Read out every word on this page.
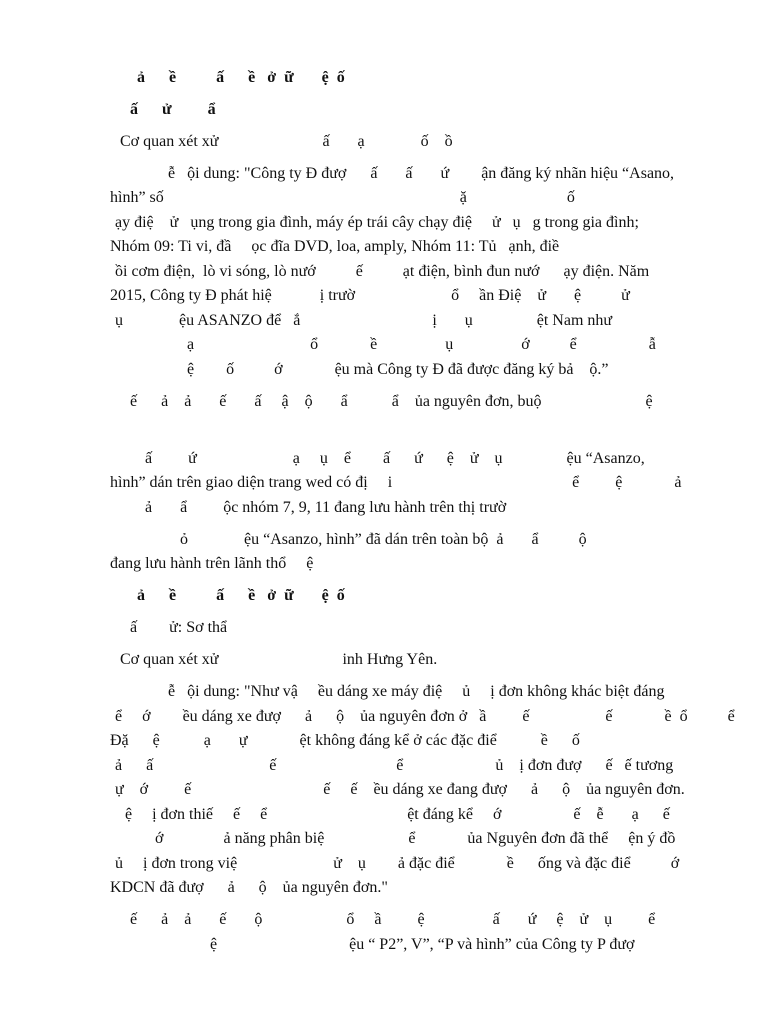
ả      ề          ấ      ề   ở  ữ       ệ  ố
ấ      ử         ẩ
Cơ quan xét xử                          ấ       ạ              ố    ồ
ễ   ội dung: "Công ty Đ đượ      ấ       ấ       ứ        ận đăng ký nhãn hiệu “Asano,
hình” số                                                                          ặ                         ố
ạy điệ    ử   ụng trong gia đình, máy ép trái cây chạy điệ     ử   ụ   g trong gia đình;
Nhóm 09: Ti vi, đầ     ọc đĩa DVD, loa, amply, Nhóm 11: Tủ   ạnh, điề
ồi cơm điện,  lò vi sóng, lò nướ          ế          ạt điện, bình đun nướ      ạy điện. Năm
2015, Công ty Đ phát hiệ            ị trườ                        ổ     ần Điệ    ử       ệ          ử
ụ              ệu ASANZO để   ắ                                 ị       ụ                ệt Nam như
ạ                             ổ             ề                 ụ                 ớ          ể                  ẫ
ệ        ố          ớ             ệu mà Công ty Đ đã được đăng ký bả    ộ.”
ế      ả    ả       ế       ấ     ậ    ộ       ẩ           ẩ    ủa nguyên đơn, buộ                          ệ
ấ         ứ                        ạ     ụ    ể        ấ      ứ      ệ    ử    ụ                ệu “Asanzo,
hình” dán trên giao diện trang wed có đị     i                                             ể         ệ             ả
ả       ẩ         ộc nhóm 7, 9, 11 đang lưu hành trên thị trườ
ỏ              ệu “Asanzo, hình” đã dán trên toàn bộ  ả       ẩ          ộ
đang lưu hành trên lãnh thổ     ệ
ả      ề          ấ      ề   ở  ữ       ệ  ố
ấ        ử: Sơ thẩ
Cơ quan xét xử                               inh Hưng Yên.
ễ   ội dung: "Như vậ     ều dáng xe máy điệ     ủ     ị đơn không khác biệt đáng
ể     ớ        ều dáng xe đượ      ả      ộ    ủa nguyên đơn ở   ầ         ế                   ế             ề  ổ          ể
Đặ      ệ           ạ       ự             ệt không đáng kể ở các đặc điể           ề      ố
ả      ấ                             ế                              ể                       ủ    ị đơn đượ      ế   ế tương
ự    ớ         ế                                 ế     ế    ều dáng xe đang đượ      ả      ộ    ủa nguyên đơn.
ệ     ị đơn thiế     ế     ể                                   ệt đáng kể     ớ                  ế    ễ       ạ      ế
ớ               ả năng phân biệ                     ể             ủa Nguyên đơn đã thể     ện ý đồ
ủ     ị đơn trong việ                        ử    ụ        ả đặc điể             ề      ống và đặc điể          ớ
KDCN đã đượ      ả      ộ    ủa nguyên đơn."
ế      ả    ả       ế       ộ                     ổ     ầ         ệ                 ấ       ứ     ệ    ử    ụ         ể
ệ                                 ệu “ P2”, V”, “P và hình” của Công ty P đượ
